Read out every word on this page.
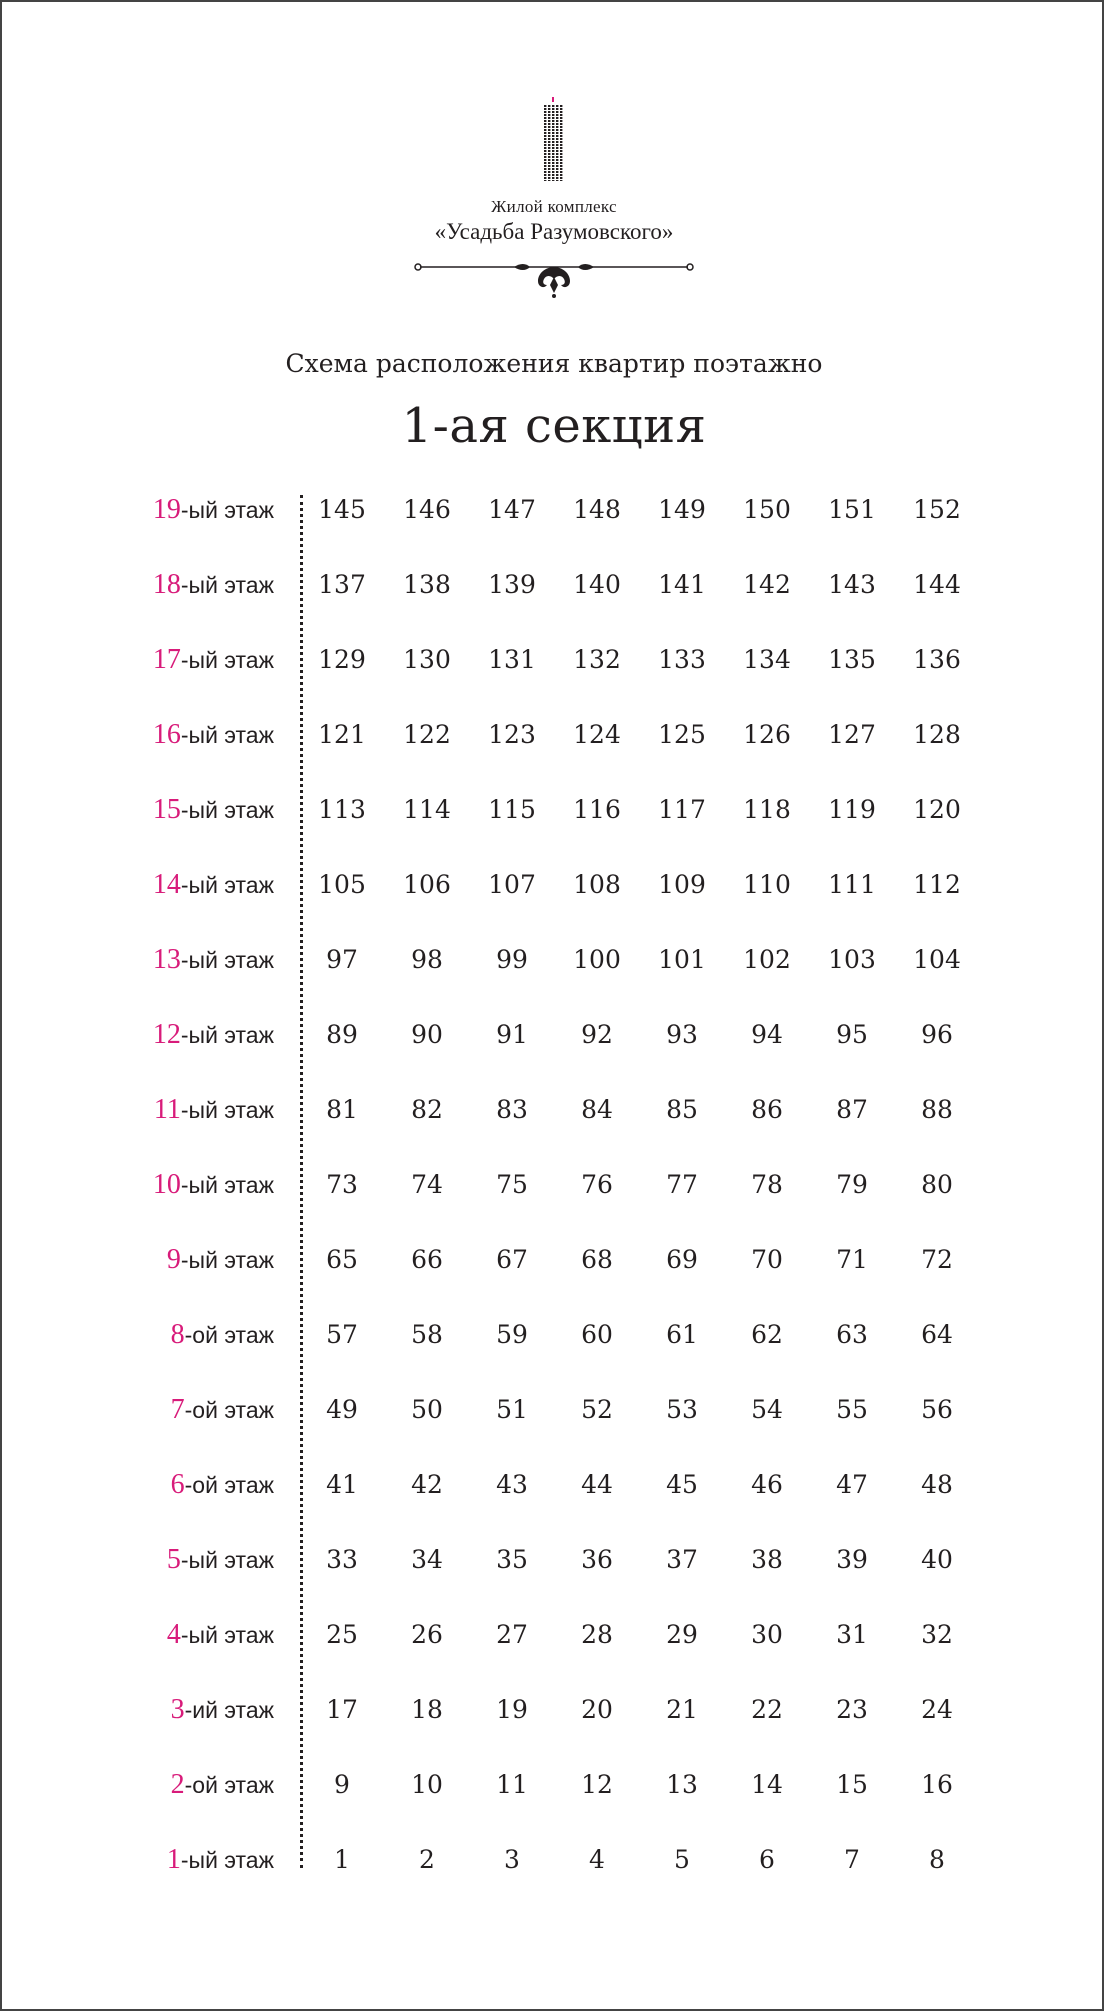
Жилой комплекс
«Усадьба Разумовского»
Схема расположения квартир поэтажно
1-ая секция
19-ый этаж	145	146	147	148	149	150	151	152
18-ый этаж	137	138	139	140	141	142	143	144
17-ый этаж	129	130	131	132	133	134	135	136
16-ый этаж	121	122	123	124	125	126	127	128
15-ый этаж	113	114	115	116	117	118	119	120
14-ый этаж	105	106	107	108	109	110	111	112
13-ый этаж	97	98	99	100	101	102	103	104
12-ый этаж	89	90	91	92	93	94	95	96
11-ый этаж	81	82	83	84	85	86	87	88
10-ый этаж	73	74	75	76	77	78	79	80
9-ый этаж	65	66	67	68	69	70	71	72
8-ой этаж	57	58	59	60	61	62	63	64
7-ой этаж	49	50	51	52	53	54	55	56
6-ой этаж	41	42	43	44	45	46	47	48
5-ый этаж	33	34	35	36	37	38	39	40
4-ый этаж	25	26	27	28	29	30	31	32
3-ий этаж	17	18	19	20	21	22	23	24
2-ой этаж	9	10	11	12	13	14	15	16
1-ый этаж	1	2	3	4	5	6	7	8
